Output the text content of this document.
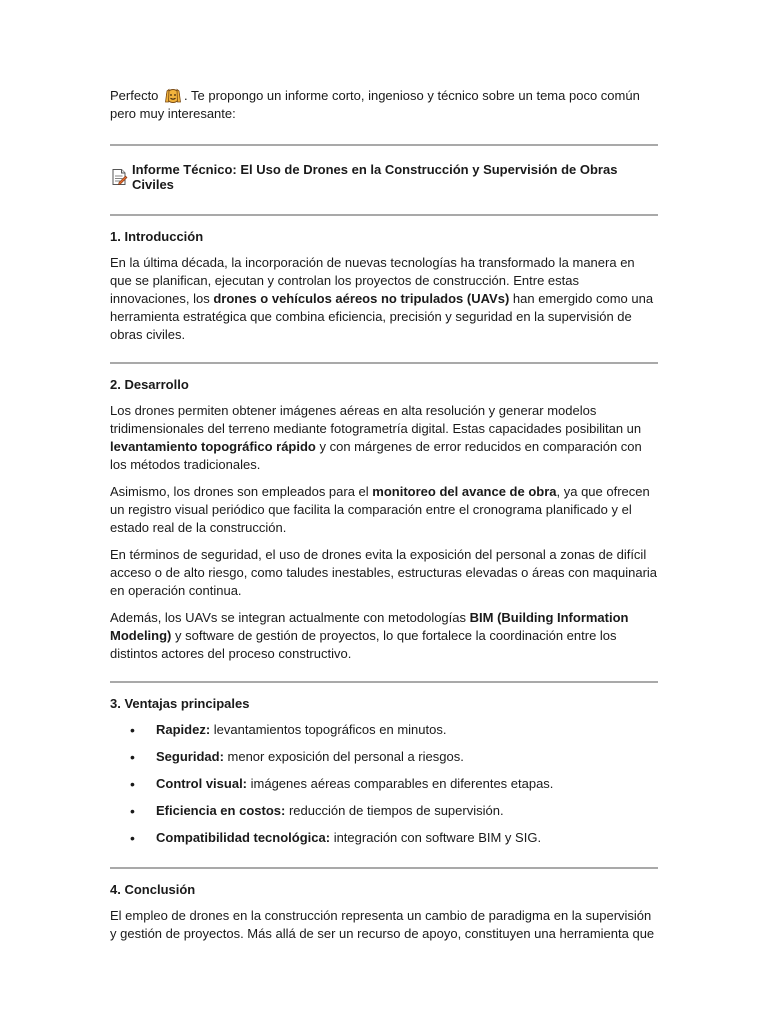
Perfecto . Te propongo un informe corto, ingenioso y técnico sobre un tema poco común pero muy interesante:

Informe Técnico: El Uso de Drones en la Construcción y Supervisión de Obras Civiles
1. Introducción

En la última década, la incorporación de nuevas tecnologías ha transformado la manera en que se planifican, ejecutan y controlan los proyectos de construcción. Entre estas innovaciones, los drones o vehículos aéreos no tripulados (UAVs) han emergido como una herramienta estratégica que combina eficiencia, precisión y seguridad en la supervisión de obras civiles.

2. Desarrollo

Los drones permiten obtener imágenes aéreas en alta resolución y generar modelos tridimensionales del terreno mediante fotogrametría digital. Estas capacidades posibilitan un levantamiento topográfico rápido y con márgenes de error reducidos en comparación con los métodos tradicionales.

Asimismo, los drones son empleados para el monitoreo del avance de obra, ya que ofrecen un registro visual periódico que facilita la comparación entre el cronograma planificado y el estado real de la construcción.

En términos de seguridad, el uso de drones evita la exposición del personal a zonas de difícil acceso o de alto riesgo, como taludes inestables, estructuras elevadas o áreas con maquinaria en operación continua.

Además, los UAVs se integran actualmente con metodologías BIM (Building Information Modeling) y software de gestión de proyectos, lo que fortalece la coordinación entre los distintos actores del proceso constructivo.

3. Ventajas principales
• Rapidez: levantamientos topográficos en minutos.
• Seguridad: menor exposición del personal a riesgos.
• Control visual: imágenes aéreas comparables en diferentes etapas.
• Eficiencia en costos: reducción de tiempos de supervisión.
• Compatibilidad tecnológica: integración con software BIM y SIG.
4. Conclusión

El empleo de drones en la construcción representa un cambio de paradigma en la supervisión y gestión de proyectos. Más allá de ser un recurso de apoyo, constituyen una herramienta que
